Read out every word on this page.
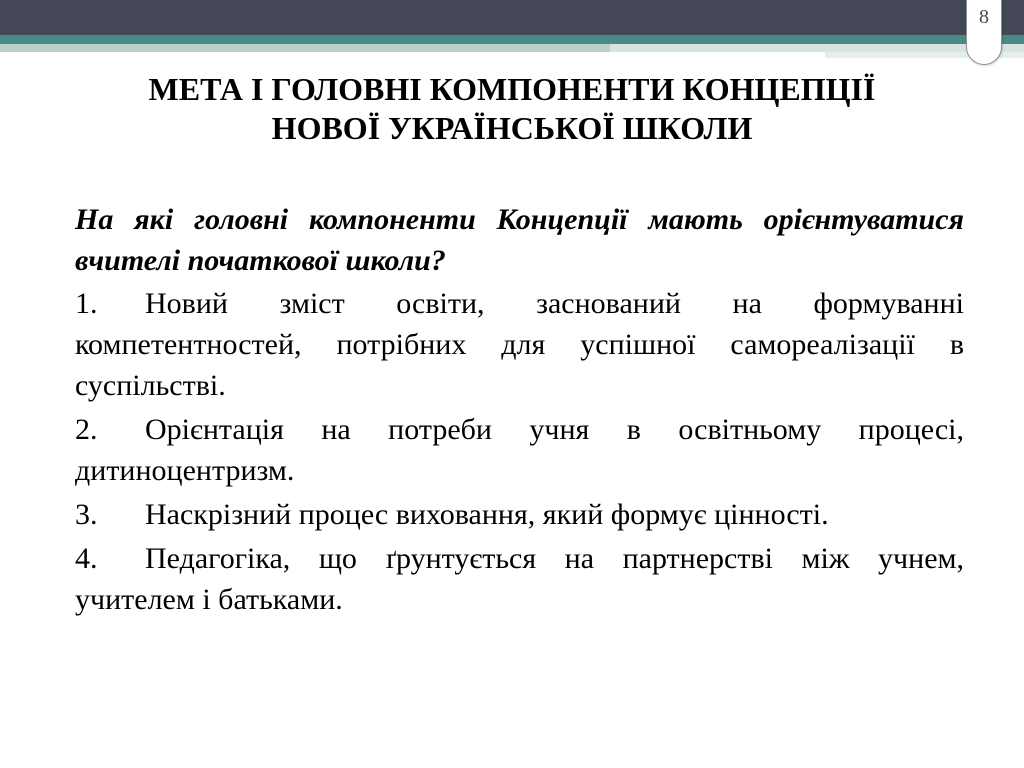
8
МЕТА І ГОЛОВНІ КОМПОНЕНТИ КОНЦЕПЦІЇ
НОВОЇ УКРАЇНСЬКОЇ ШКОЛИ

На які головні компоненти Концепції мають орієнтуватися вчителі початкової школи?

1. Новий зміст освіти, заснований на формуванні компетентностей, потрібних для успішної самореалізації в суспільстві.

2. Орієнтація на потреби учня в освітньому процесі, дитиноцентризм.

3. Наскрізний процес виховання, який формує цінності.

4. Педагогіка, що ґрунтується на партнерстві між учнем, учителем і батьками.
